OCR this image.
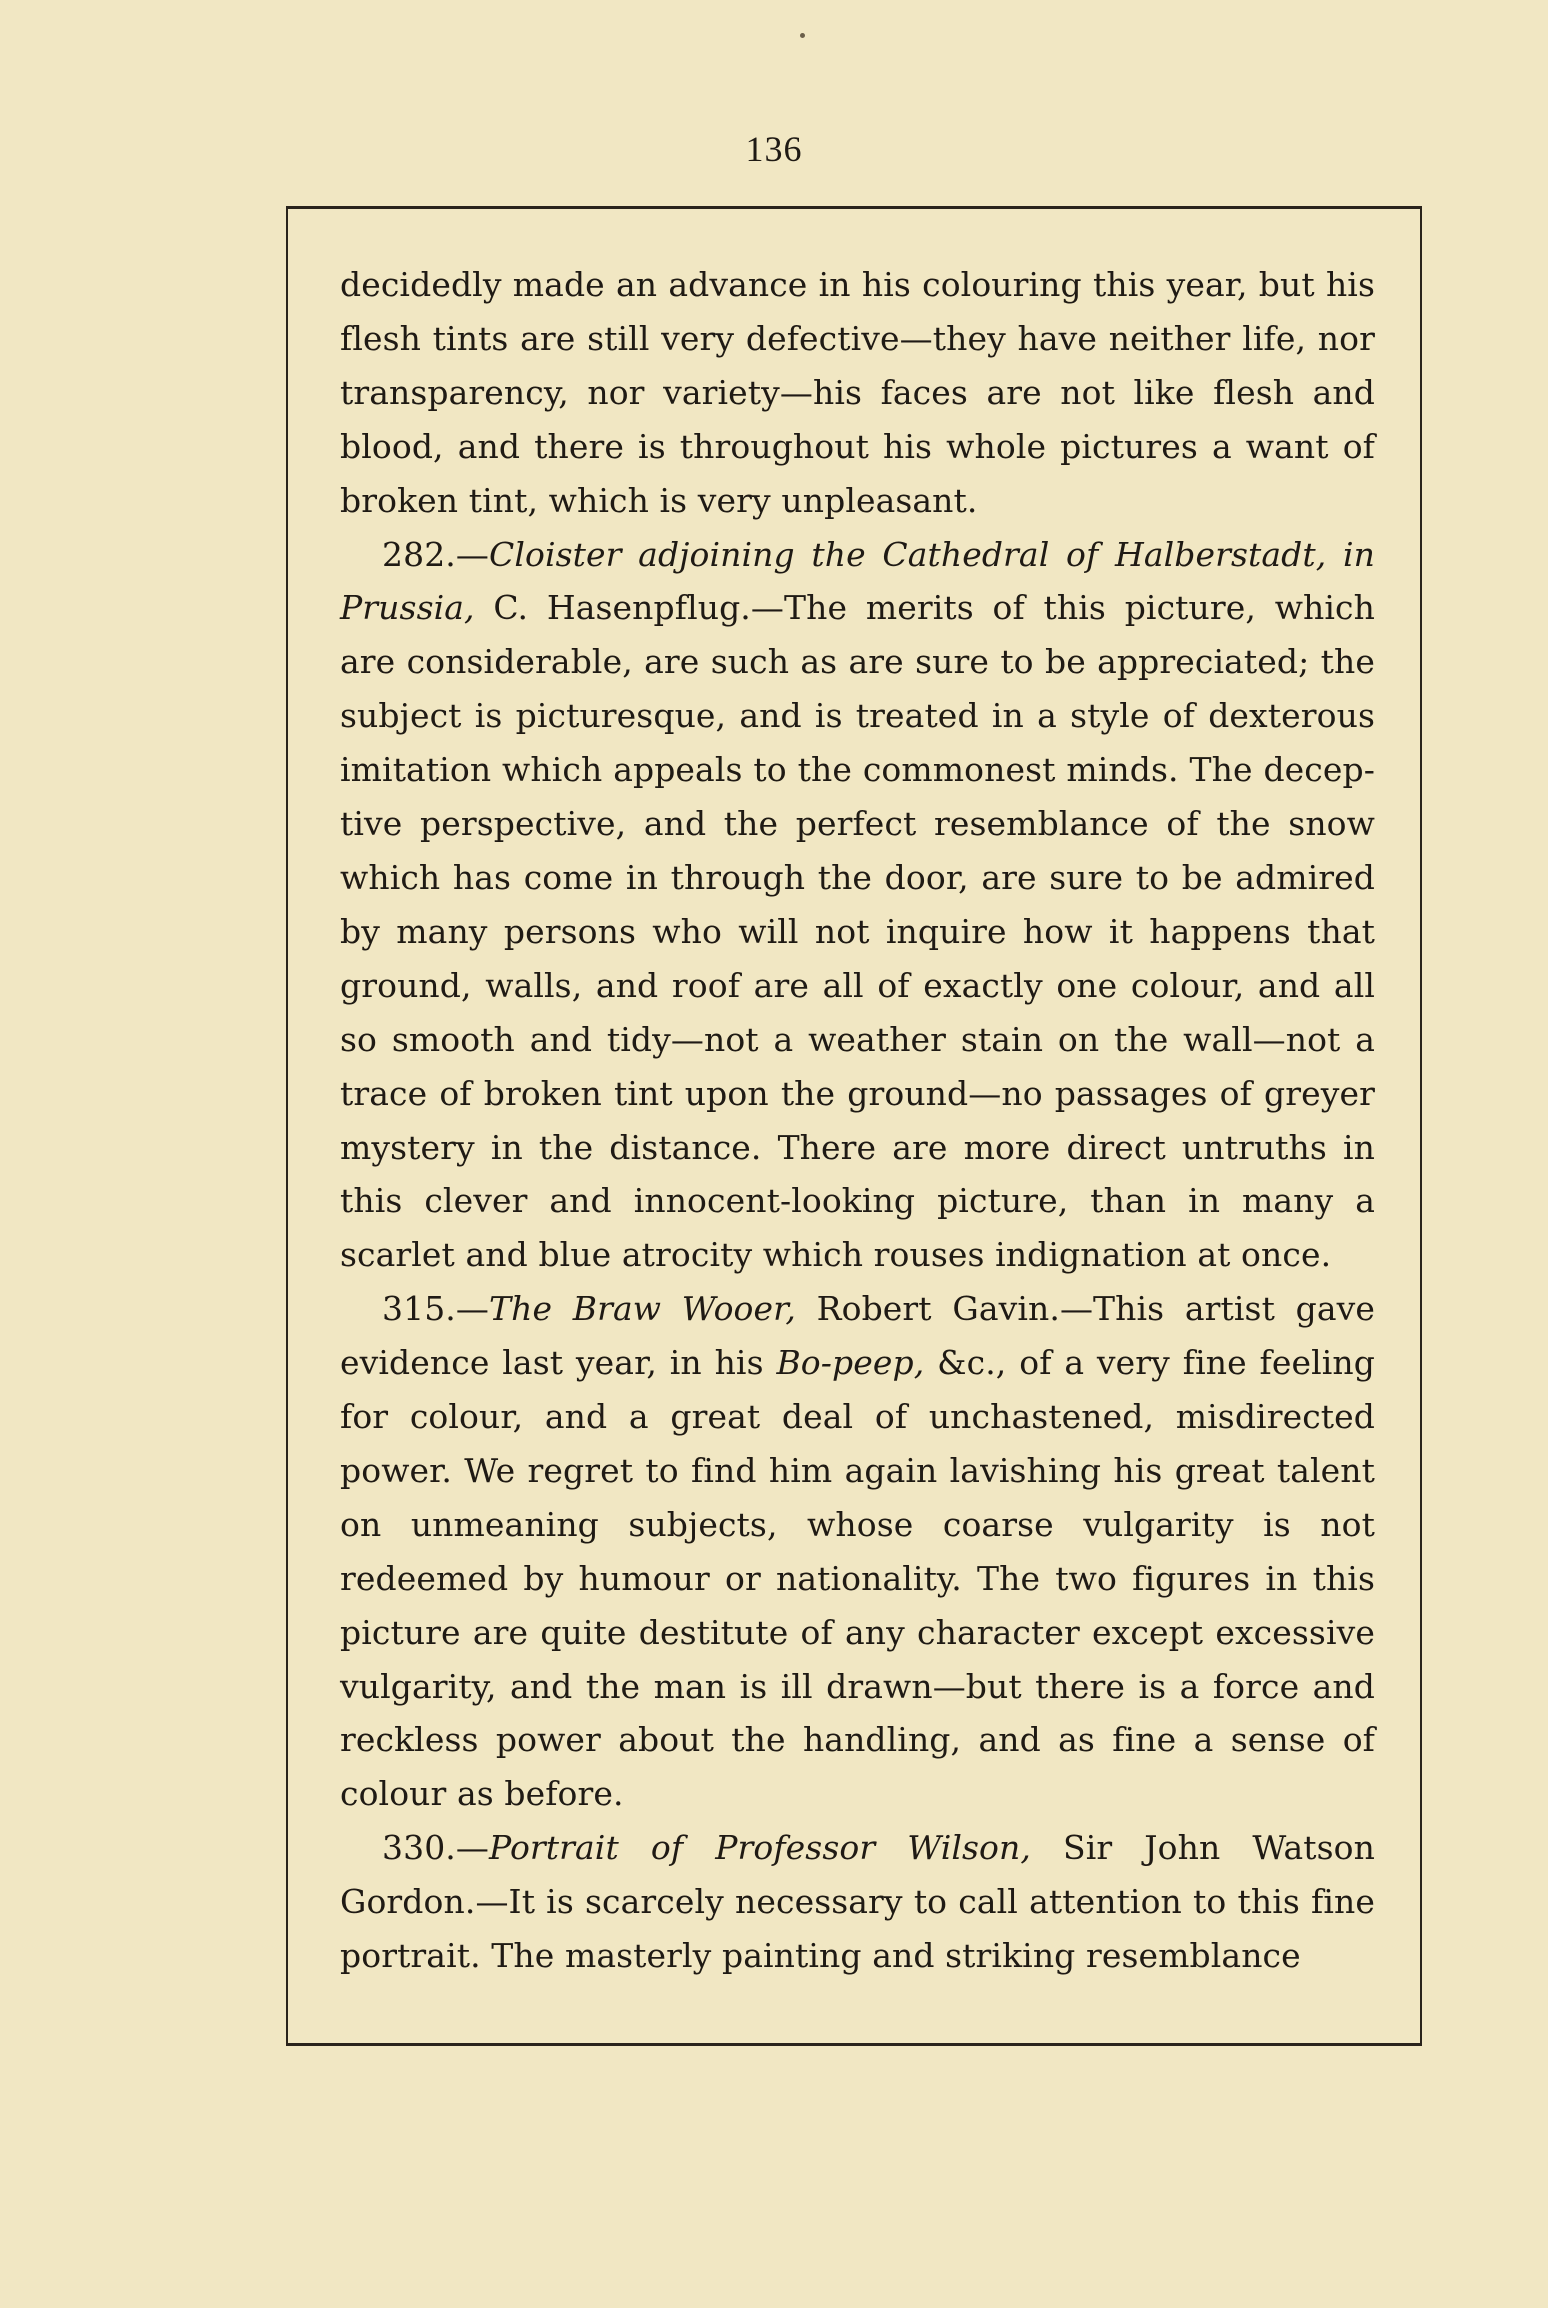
136

decidedly made an advance in his colouring this year, but his flesh tints are still very defective—they have neither life, nor transparency, nor variety—his faces are not like flesh and blood, and there is throughout his whole pictures a want of broken tint, which is very unpleasant.

282.—Cloister adjoining the Cathedral of Halberstadt, in Prussia, C. Hasenpflug.—The merits of this picture, which are considerable, are such as are sure to be appreciated; the subject is picturesque, and is treated in a style of dexterous imitation which appeals to the commonest minds. The decep-tive perspective, and the perfect resemblance of the snow which has come in through the door, are sure to be admired by many persons who will not inquire how it happens that ground, walls, and roof are all of exactly one colour, and all so smooth and tidy—not a weather stain on the wall—not a trace of broken tint upon the ground—no passages of greyer mystery in the distance. There are more direct untruths in this clever and innocent-looking picture, than in many a scarlet and blue atrocity which rouses indignation at once.

315.—The Braw Wooer, Robert Gavin.—This artist gave evidence last year, in his Bo-peep, &c., of a very fine feeling for colour, and a great deal of unchastened, misdirected power. We regret to find him again lavishing his great talent on unmeaning subjects, whose coarse vulgarity is not redeemed by humour or nationality. The two figures in this picture are quite destitute of any character except excessive vulgarity, and the man is ill drawn—but there is a force and reckless power about the handling, and as fine a sense of colour as before.

330.—Portrait of Professor Wilson, Sir John Watson Gordon.—It is scarcely necessary to call attention to this fine portrait. The masterly painting and striking resemblance
